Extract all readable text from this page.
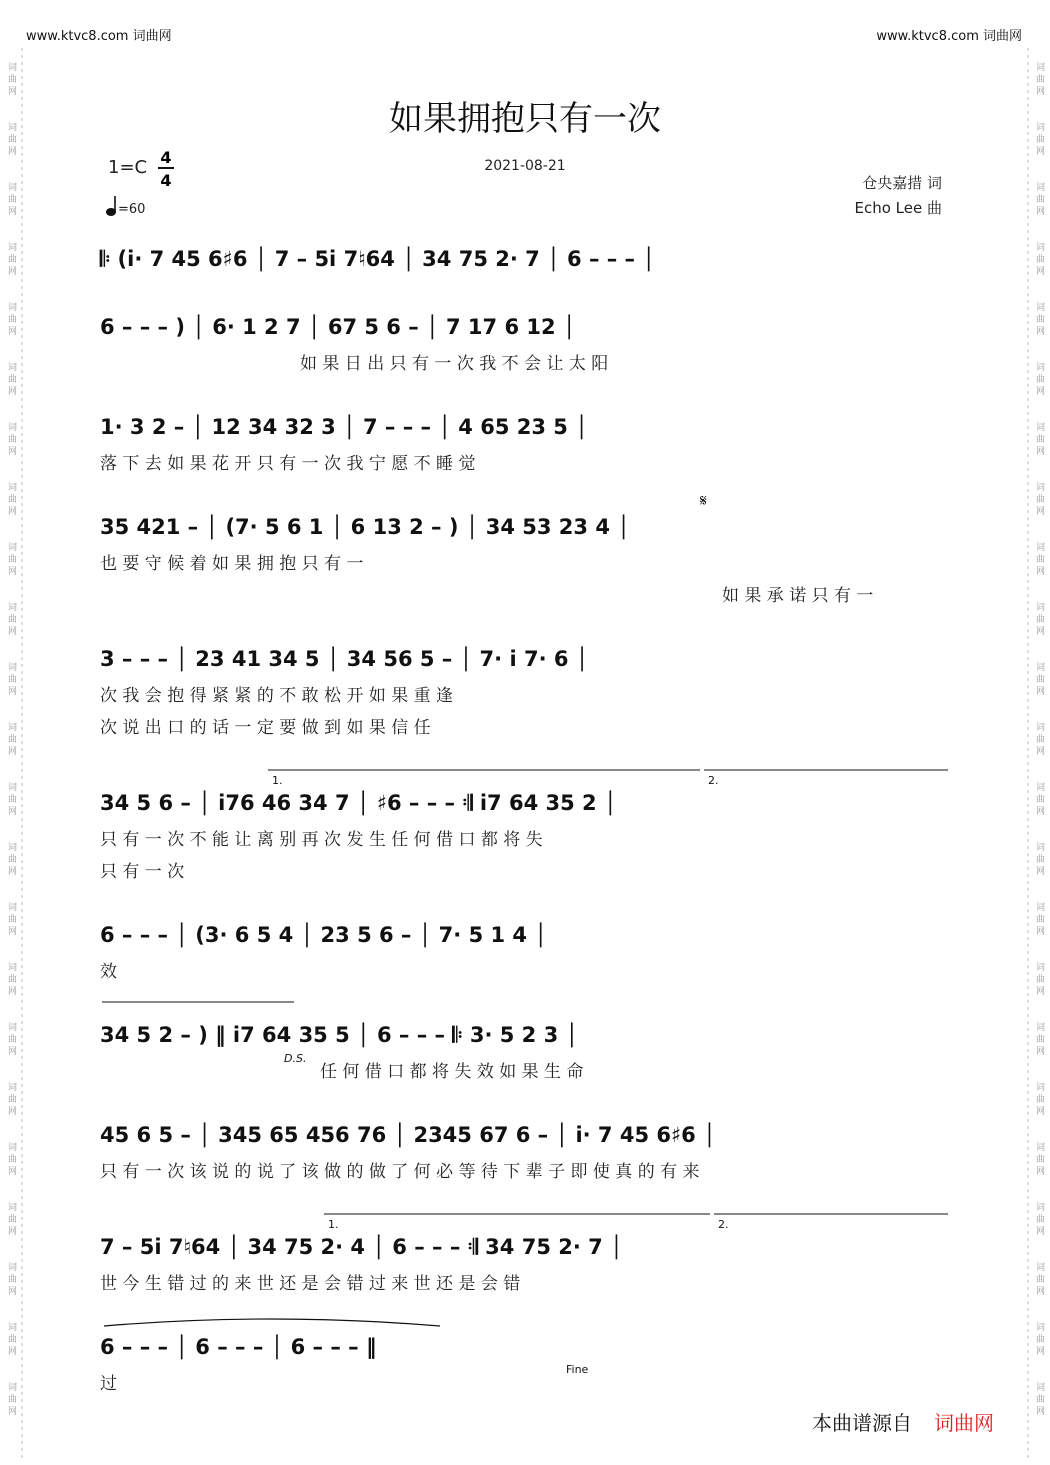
www.ktvc8.com 词曲网	www.ktvc8.com 词曲网
词	词
曲	曲
网	网
词	词
曲	曲
网	网
词	词
曲	曲
网	网
词	词
曲	曲
网	网
词	词
曲	曲
网	网
词	词
曲	曲
网	网
词	词
曲	曲
网	网
词	词
曲	曲
网	网
词	词
曲	曲
网	网
词	词
曲	曲
网	网
词	词
曲	曲
网	网
词	词
曲	曲
网	网
词	词
曲	曲
网	网
词	词
曲	曲
网	网
词	词
曲	曲
网	网
词	词
曲	曲
网	网
词	词
曲	曲
网	网
词	词
曲	曲
网	网
词	词
曲	曲
网	网
词	词
曲	曲
网	网
词	词
曲	曲
网	网
词	词
曲	曲
网	网
词	词
曲	曲
网	网
如果拥抱只有一次
1=C 4
4
=60
2021-08-21
仓央嘉措 词
Echo Lee 曲
𝄆 (i· 7 45 6♯6 │ 7 – 5i 7♮64 │ 34 75 2· 7 │ 6 – – – │
6 – – – ) │ 6· 1 2 7 │ 67 5 6 – │ 7 17 6 12 │
如 果 日 出 只 有 一 次 我 不 会 让 太 阳
1· 3 2 – │ 12 34 32 3 │ 7 – – – │ 4 65 23 5 │
落 下 去 如 果 花 开 只 有 一 次 我 宁 愿 不 睡 觉
35 421 – │ (7· 5 6 1 │ 6 13 2 – ) │ 34 53 23 4 │
也 要 守 候 着 如 果 拥 抱 只 有 一
如 果 承 诺 只 有 一
𝄋
3 – – – │ 23 41 34 5 │ 34 56 5 – │ 7· i 7· 6 │
次 我 会 抱 得 紧 紧 的 不 敢 松 开 如 果 重 逢
次 说 出 口 的 话 一 定 要 做 到 如 果 信 任
1.	2.
34 5 6 – │ i76 46 34 7 │ ♯6 – – – 𝄇 i7 64 35 2 │
只 有 一 次 不 能 让 离 别 再 次 发 生 任 何 借 口 都 将 失
只 有 一 次
6 – – – │ (3· 6 5 4 │ 23 5 6 – │ 7· 5 1 4 │
效
34 5 2 – ) ‖ i7 64 35 5 │ 6 – – – 𝄆 3· 5 2 3 │
任 何 借 口 都 将 失 效 如 果 生 命
D.S.
45 6 5 – │ 345 65 456 76 │ 2345 67 6 – │ i· 7 45 6♯6 │
只 有 一 次 该 说 的 说 了 该 做 的 做 了 何 必 等 待 下 辈 子 即 使 真 的 有 来
1.	2.
7 – 5i 7♮64 │ 34 75 2· 4 │ 6 – – – 𝄇 34 75 2· 7 │
世 今 生 错 过 的 来 世 还 是 会 错 过 来 世 还 是 会 错
6 – – – │ 6 – – – │ 6 – – – ‖
过
Fine
本曲谱源自 词曲网
